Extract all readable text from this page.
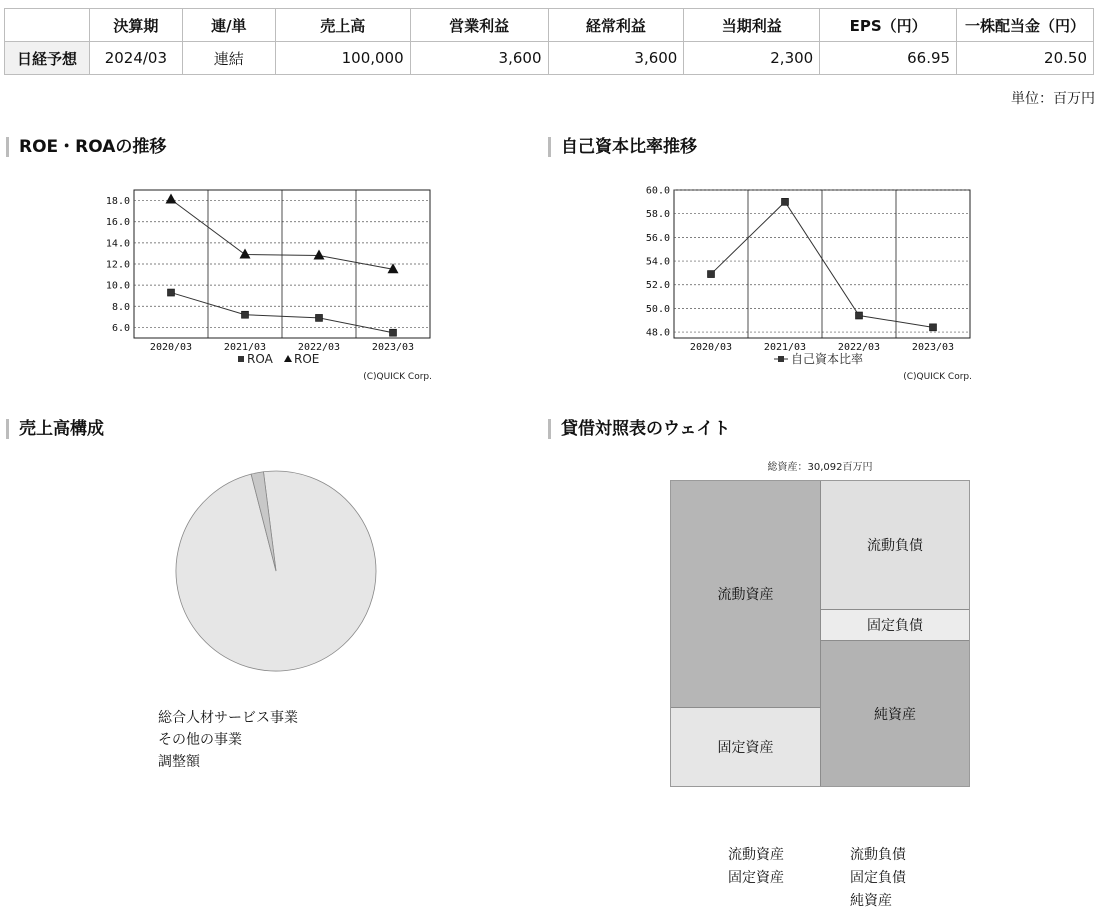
	決算期	連/単	売上高	営業利益	経常利益	当期利益	EPS（円）	一株配当金（円）
日経予想	2024/03	連結	100,000	3,600	3,600	2,300	66.95	20.50
単位：百万円
ROE・ROAの推移
18.0
16.0
14.0
12.0
10.0
8.0
6.0
2020/03	2021/03	2022/03	2023/03
ROA ROE
(C)QUICK Corp.
自己資本比率推移
60.0
58.0
56.0
54.0
52.0
50.0
48.0
2020/03	2021/03	2022/03	2023/03
自己資本比率
(C)QUICK Corp.
売上高構成
総合人材サービス事業
その他の事業
調整額
貸借対照表のウェイト
総資産：30,092百万円
流動資産
固定資産
流動負債
固定負債
純資産
流動資産
固定資産
流動負債
固定負債
純資産
